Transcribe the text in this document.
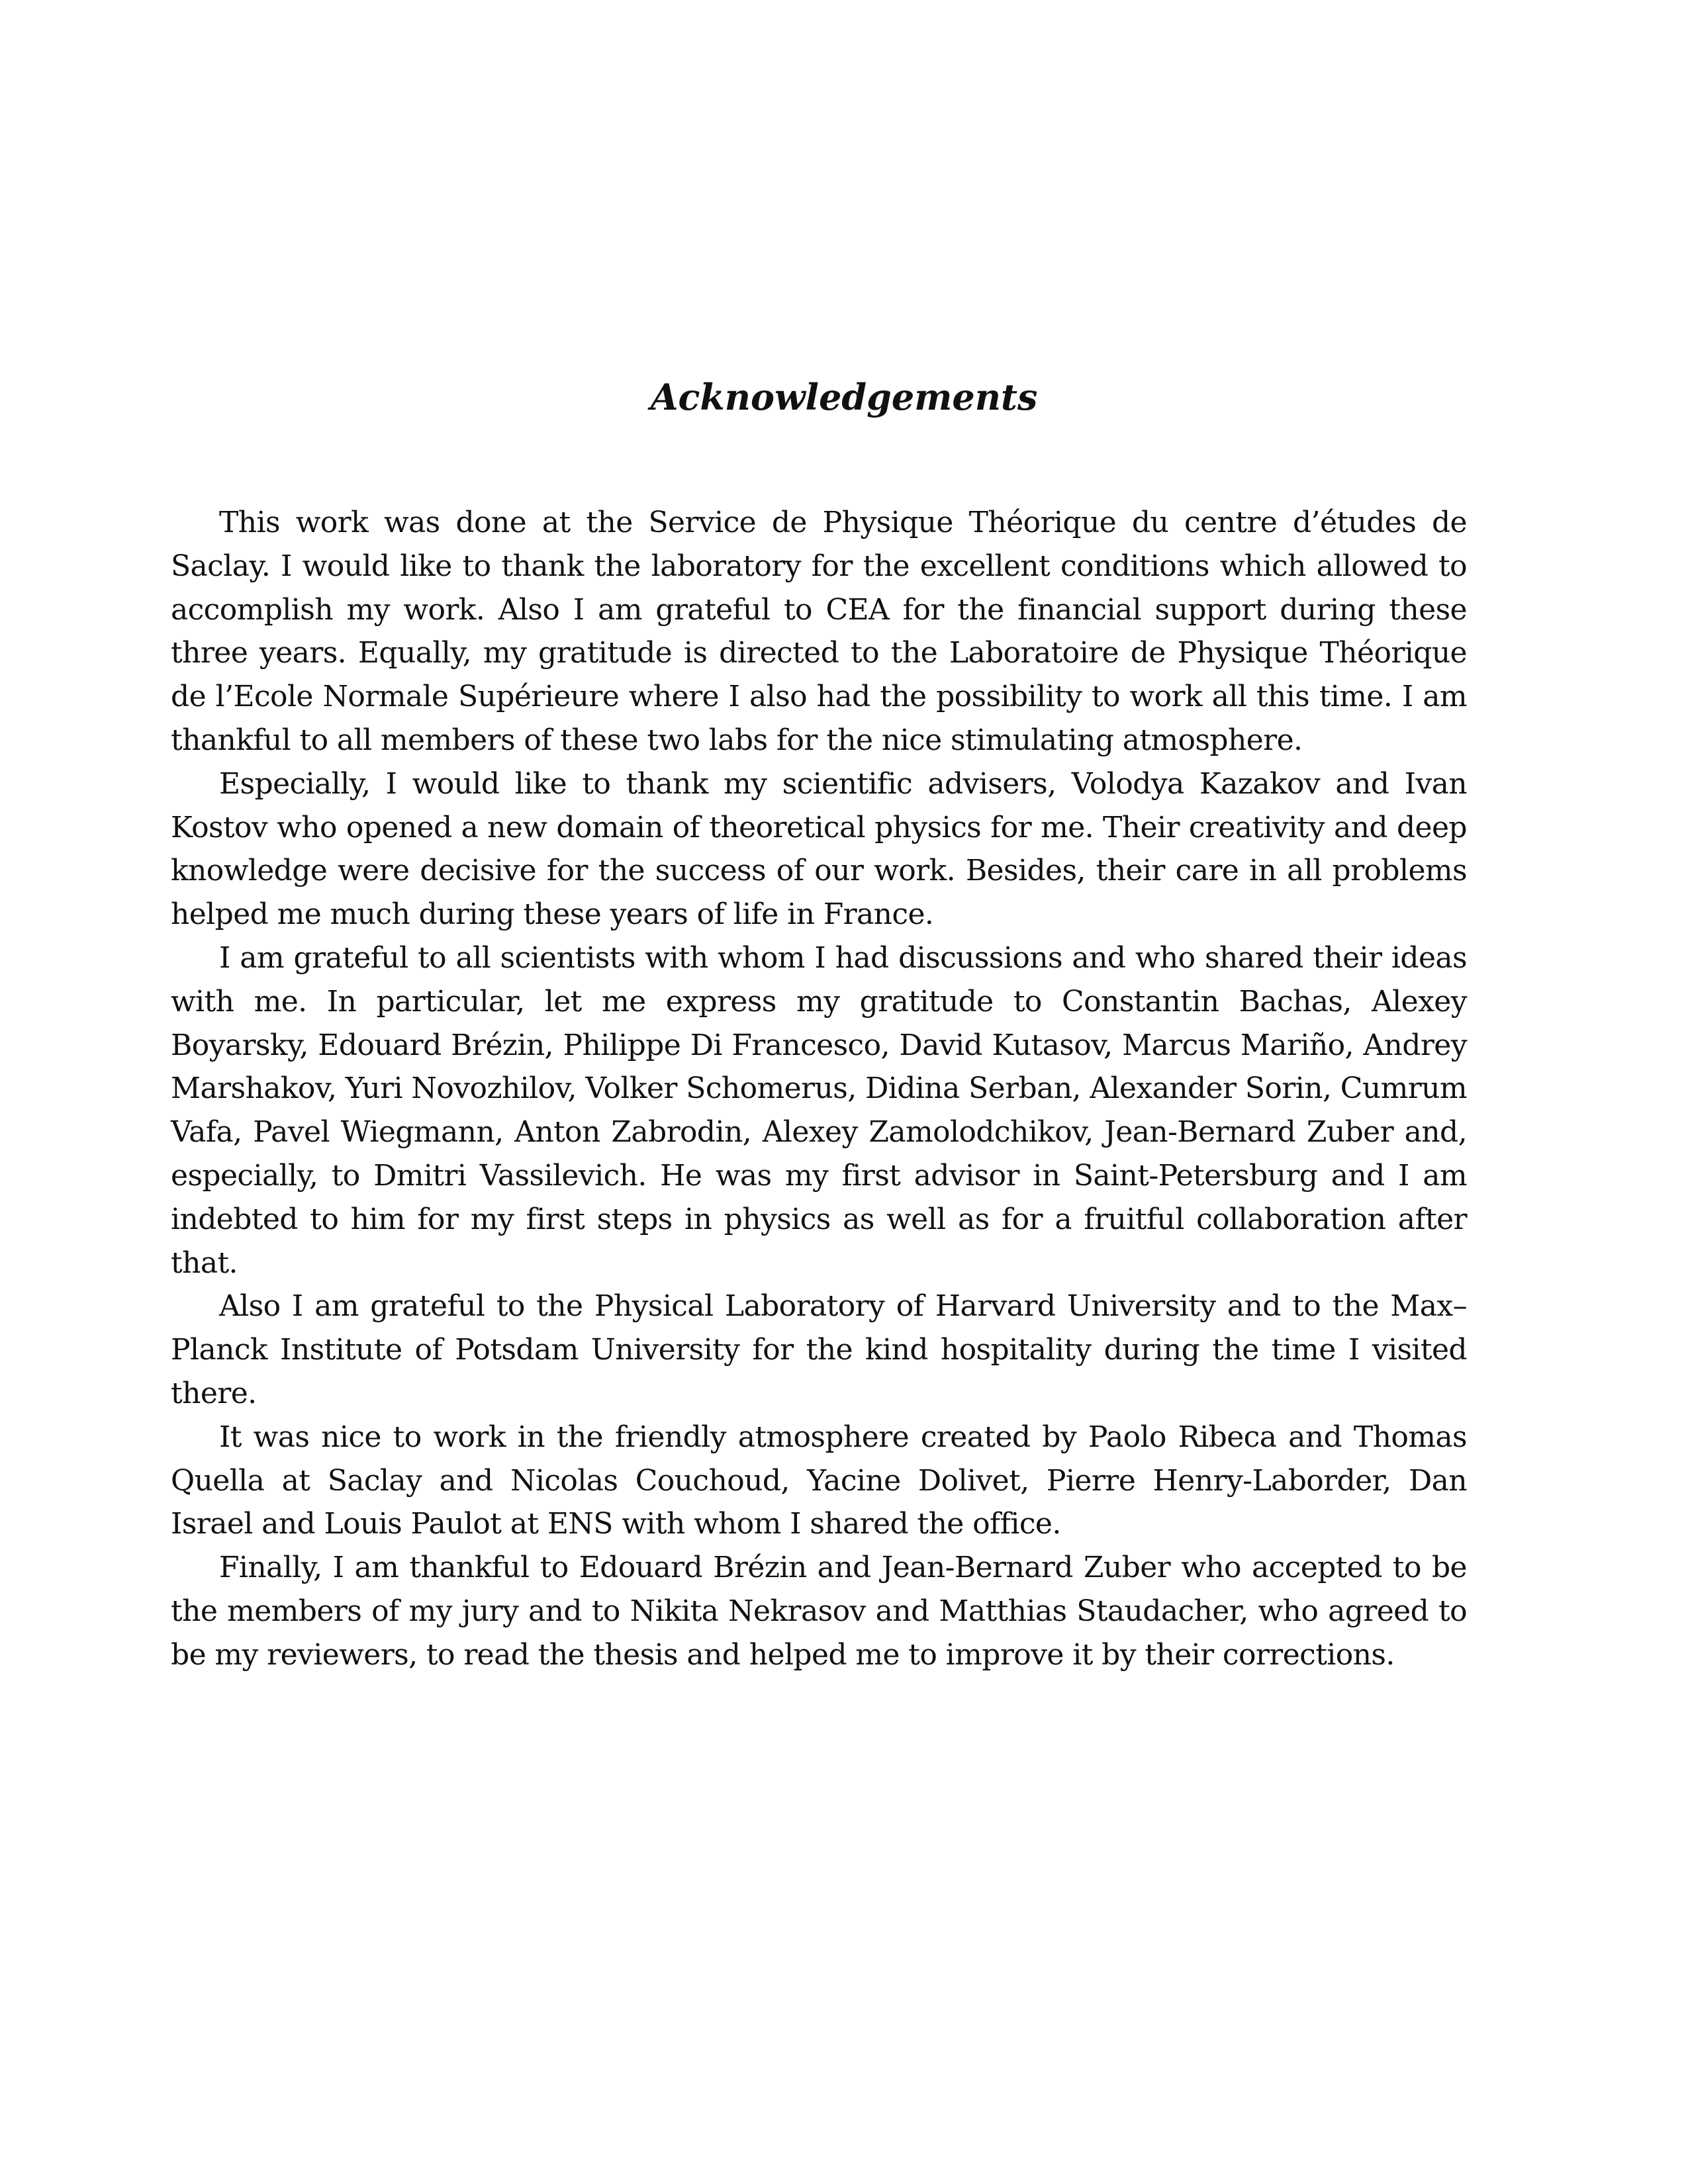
Acknowledgements

This work was done at the Service de Physique Théorique du centre d’études de Saclay. I would like to thank the laboratory for the excellent conditions which allowed to accomplish my work. Also I am grateful to CEA for the financial support during these three years. Equally, my gratitude is directed to the Laboratoire de Physique Théorique de l’Ecole Normale Supérieure where I also had the possibility to work all this time. I am thankful to all members of these two labs for the nice stimulating atmosphere.

Especially, I would like to thank my scientific advisers, Volodya Kazakov and Ivan Kostov who opened a new domain of theoretical physics for me. Their creativity and deep knowledge were decisive for the success of our work. Besides, their care in all problems helped me much during these years of life in France.

I am grateful to all scientists with whom I had discussions and who shared their ideas with me. In particular, let me express my gratitude to Constantin Bachas, Alexey Boyarsky, Edouard Brézin, Philippe Di Francesco, David Kutasov, Marcus Mariño, Andrey Marshakov, Yuri Novozhilov, Volker Schomerus, Didina Serban, Alexander Sorin, Cumrum Vafa, Pavel Wiegmann, Anton Zabrodin, Alexey Zamolodchikov, Jean-Bernard Zuber and, especially, to Dmitri Vassilevich. He was my first advisor in Saint-Petersburg and I am indebted to him for my first steps in physics as well as for a fruitful collaboration after that.

Also I am grateful to the Physical Laboratory of Harvard University and to the Max–Planck Institute of Potsdam University for the kind hospitality during the time I visited there.

It was nice to work in the friendly atmosphere created by Paolo Ribeca and Thomas Quella at Saclay and Nicolas Couchoud, Yacine Dolivet, Pierre Henry-Laborder, Dan Israel and Louis Paulot at ENS with whom I shared the office.

Finally, I am thankful to Edouard Brézin and Jean-Bernard Zuber who accepted to be the members of my jury and to Nikita Nekrasov and Matthias Staudacher, who agreed to be my reviewers, to read the thesis and helped me to improve it by their corrections.
